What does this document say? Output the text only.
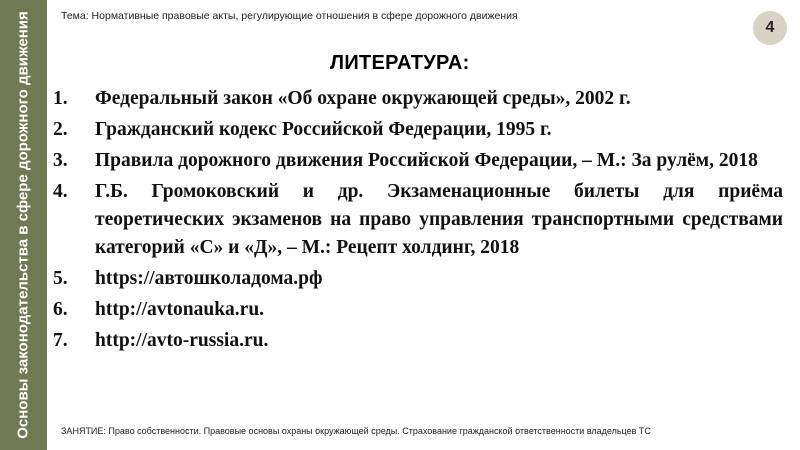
Основы законодательства в сфере дорожного движения	Тема: Нормативные правовые акты, регулирующие отношения в сфере дорожного движения
4
ЛИТЕРАТУРА:
1.	Федеральный закон «Об охране окружающей среды», 2002 г.
2.	Гражданский кодекс Российской Федерации, 1995 г.
3.	Правила дорожного движения Российской Федерации, – М.: За рулём, 2018
4.	Г.Б. Громоковский и др. Экзаменационные билеты для приёма теоретических экзаменов на право управления транспортными средствами категорий «С» и «Д», – М.: Рецепт холдинг, 2018
5.	https://автошколадома.рф
6.	http://avtonauka.ru.
7.	http://avto-russia.ru.
ЗАНЯТИЕ: Право собственности. Правовые основы охраны окружающей среды. Страхование гражданской ответственности владельцев ТС
